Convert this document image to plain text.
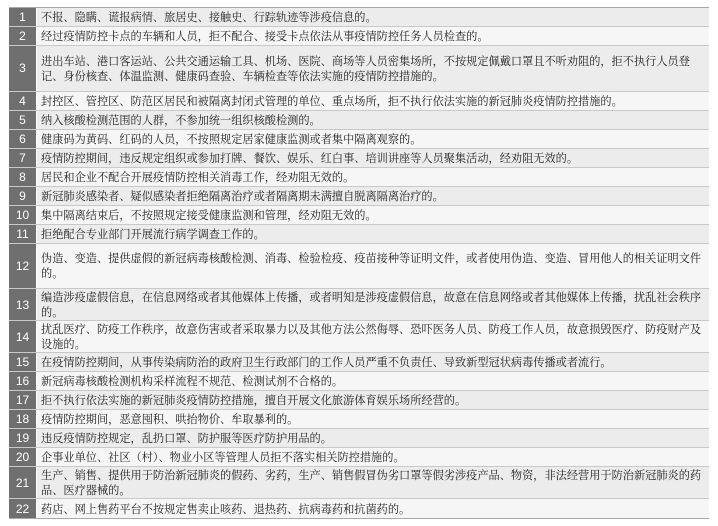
1	不报、隐瞒、谎报病情、旅居史、接触史、行踪轨迹等涉疫信息的。
2	经过疫情防控卡点的车辆和人员，拒不配合、接受卡点依法从事疫情防控任务人员检查的。
3	进出车站、港口客运站、公共交通运输工具、机场、医院、商场等人员密集场所，不按规定佩戴口罩且不听劝阻的，拒不执行人员登记、身份核查、体温监测、健康码查验、车辆检查等依法实施的疫情防控措施的。
4	封控区、管控区、防范区居民和被隔离封闭式管理的单位、重点场所，拒不执行依法实施的新冠肺炎疫情防控措施的。
5	纳入核酸检测范围的人群，不参加统一组织核酸检测的。
6	健康码为黄码、红码的人员，不按照规定居家健康监测或者集中隔离观察的。
7	疫情防控期间，违反规定组织或参加打牌、餐饮、娱乐、红白事、培训讲座等人员聚集活动，经劝阻无效的。
8	居民和企业不配合开展疫情防控相关消毒工作，经劝阻无效的。
9	新冠肺炎感染者、疑似感染者拒绝隔离治疗或者隔离期未满擅自脱离隔离治疗的。
10	集中隔离结束后，不按照规定接受健康监测和管理，经劝阻无效的。
11	拒绝配合专业部门开展流行病学调查工作的。
12	伪造、变造、提供虚假的新冠病毒核酸检测、消毒、检验检疫、疫苗接种等证明文件，或者使用伪造、变造、冒用他人的相关证明文件的。
13	编造涉疫虚假信息，在信息网络或者其他媒体上传播，或者明知是涉疫虚假信息，故意在信息网络或者其他媒体上传播，扰乱社会秩序的。
14	扰乱医疗、防疫工作秩序，故意伤害或者采取暴力以及其他方法公然侮辱、恐吓医务人员、防疫工作人员，故意损毁医疗、防疫财产及设施的。
15	在疫情防控期间，从事传染病防治的政府卫生行政部门的工作人员严重不负责任、导致新型冠状病毒传播或者流行。
16	新冠病毒核酸检测机构采样流程不规范、检测试剂不合格的。
17	拒不执行依法实施的新冠肺炎疫情防控措施，擅自开展文化旅游体育娱乐场所经营的。
18	疫情防控期间，恶意囤积、哄抬物价、牟取暴利的。
19	违反疫情防控规定，乱扔口罩、防护服等医疗防护用品的。
20	企事业单位、社区（村）、物业小区等管理人员拒不落实相关防控措施的。
21	生产、销售、提供用于防治新冠肺炎的假药、劣药，生产、销售假冒伪劣口罩等假劣涉疫产品、物资，非法经营用于防治新冠肺炎的药品、医疗器械的。
22	药店、网上售药平台不按规定售卖止咳药、退热药、抗病毒药和抗菌药的。
